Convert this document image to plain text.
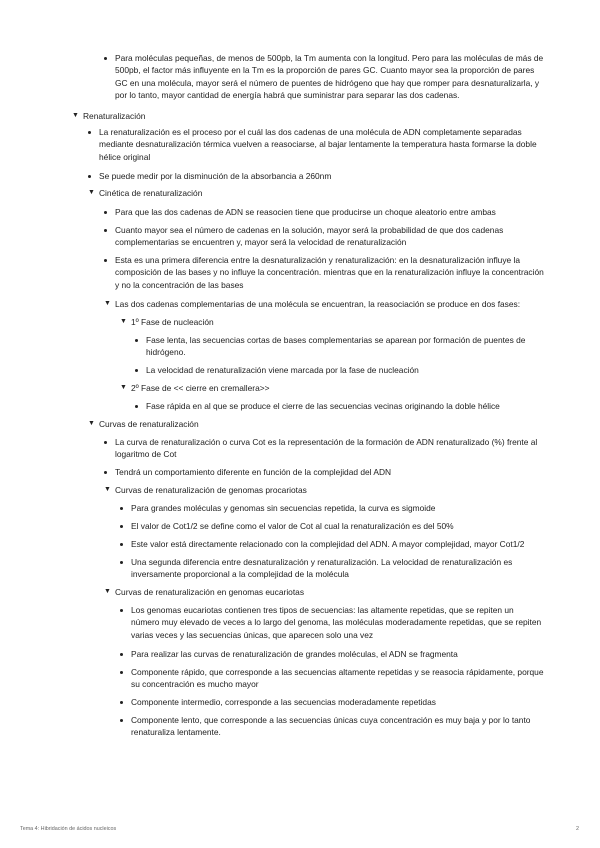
Para moléculas pequeñas, de menos de 500pb, la Tm aumenta con la longitud. Pero para las moléculas de más de 500pb, el factor más influyente en la Tm es la proporción de pares GC. Cuanto mayor sea la proporción de pares GC en una molécula, mayor será el número de puentes de hidrógeno que hay que romper para desnaturalizarla, y por lo tanto, mayor cantidad de energía habrá que suministrar para separar las dos cadenas.
▼ Renaturalización
La renaturalización es el proceso por el cuál las dos cadenas de una molécula de ADN completamente separadas mediante desnaturalización térmica vuelven a reasociarse, al bajar lentamente la temperatura hasta formarse la doble hélice original
Se puede medir por la disminución de la absorbancia a 260nm
▼ Cinética de renaturalización
Para que las dos cadenas de ADN se reasocien tiene que producirse un choque aleatorio entre ambas
Cuanto mayor sea el número de cadenas en la solución, mayor será la probabilidad de que dos cadenas complementarias se encuentren y, mayor será la velocidad de renaturalización
Esta es una primera diferencia entre la desnaturalización y renaturalización: en la desnaturalización influye la composición de las bases y no influye la concentración. mientras que en la renaturalización influye la concentración y no la concentración de las bases
▼ Las dos cadenas complementarias de una molécula se encuentran, la reasociación se produce en dos fases:
▼ 1º Fase de nucleación
Fase lenta, las secuencias cortas de bases complementarias se aparean por formación de puentes de hidrógeno.
La velocidad de renaturalización viene marcada por la fase de nucleación
▼ 2º Fase de << cierre en cremallera>>
Fase rápida en al que se produce el cierre de las secuencias vecinas originando la doble hélice
▼ Curvas de renaturalización
La curva de renaturalización o curva Cot es la representación de la formación de ADN renaturalizado (%) frente al logaritmo de Cot
Tendrá un comportamiento diferente en función de la complejidad del ADN
▼ Curvas de renaturalización de genomas procariotas
Para grandes moléculas y genomas sin secuencias repetida, la curva es sigmoide
El valor de Cot1/2 se define como el valor de Cot al cual la renaturalización es del 50%
Este valor está directamente relacionado con la complejidad del ADN. A mayor complejidad, mayor Cot1/2
Una segunda diferencia entre desnaturalización y renaturalización. La velocidad de renaturalización es inversamente proporcional a la complejidad de la molécula
▼ Curvas de renaturalización en genomas eucariotas
Los genomas eucariotas contienen tres tipos de secuencias: las altamente repetidas, que se repiten un número muy elevado de veces a lo largo del genoma, las moléculas moderadamente repetidas, que se repiten varias veces y las secuencias únicas, que aparecen solo una vez
Para realizar las curvas de renaturalización de grandes moléculas, el ADN se fragmenta
Componente rápido, que corresponde a las secuencias altamente repetidas y se reasocia rápidamente, porque su concentración es mucho mayor
Componente intermedio, corresponde a las secuencias moderadamente repetidas
Componente lento, que corresponde a las secuencias únicas cuya concentración es muy baja y por lo tanto renaturaliza lentamente.
Tema 4: Hibridación de ácidos nucleicos	2
